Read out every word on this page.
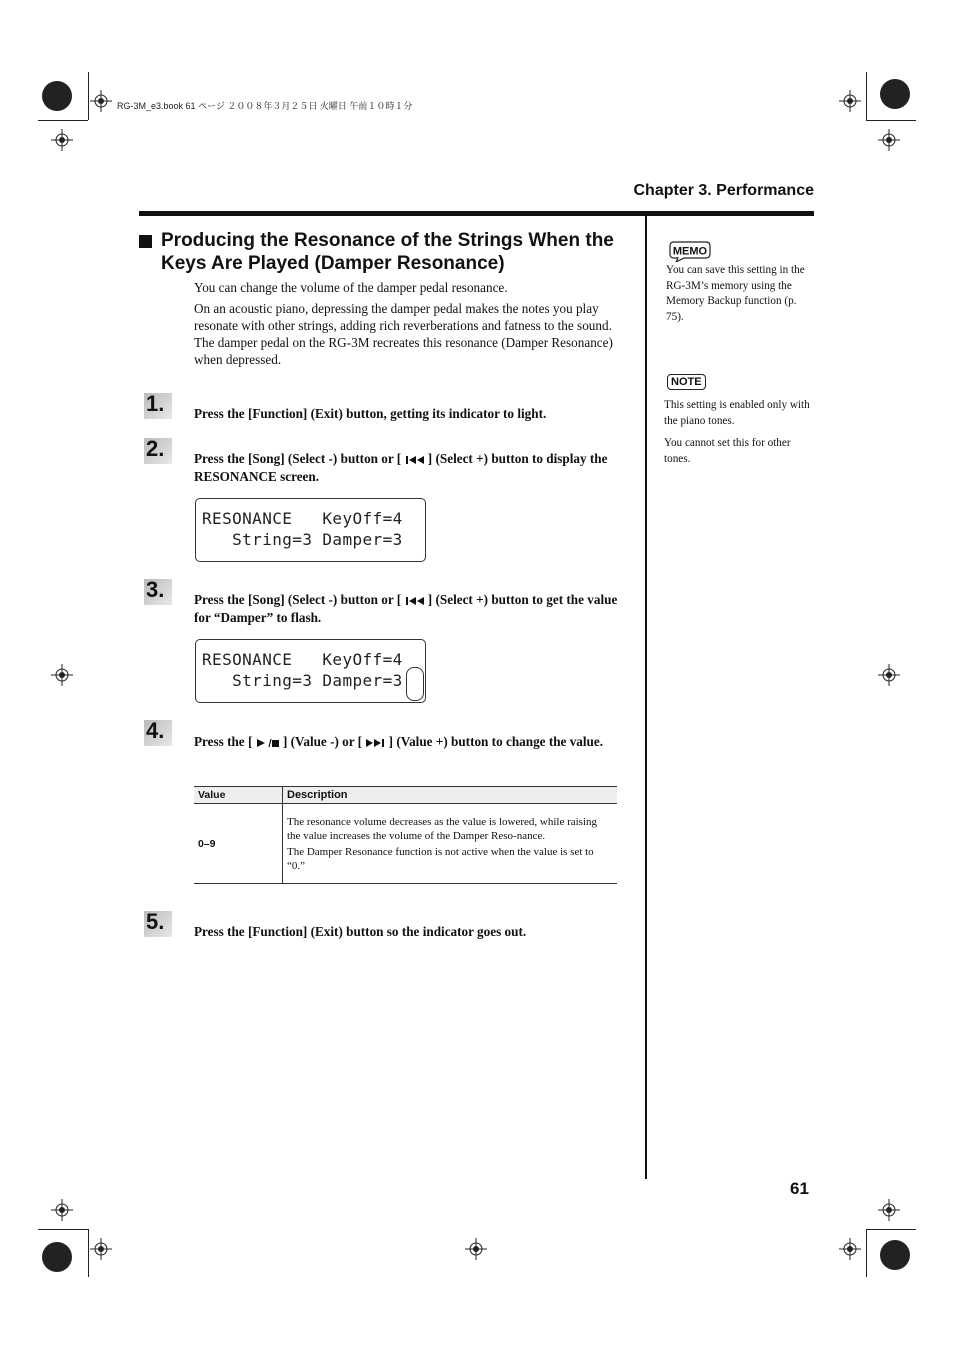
RG-3M_e3.book 61 ページ ２００８年３月２５日 火曜日 午前１０時１分
Chapter 3. Performance
Producing the Resonance of the Strings When the Keys Are Played (Damper Resonance)
You can change the volume of the damper pedal resonance.
On an acoustic piano, depressing the damper pedal makes the notes you play resonate with other strings, adding rich reverberations and fatness to the sound. The damper pedal on the RG-3M recreates this resonance (Damper Resonance) when depressed.
1. Press the [Function] (Exit) button, getting its indicator to light.
2. Press the [Song] (Select -) button or [ ] (Select +) button to display the RESONANCE screen.
RESONANCE   KeyOff=4
String=3 Damper=3
3. Press the [Song] (Select -) button or [ ] (Select +) button to get the value for “Damper” to flash.
RESONANCE   KeyOff=4
String=3 Damper=3
4. Press the [ ] (Value -) or [ ] (Value +) button to change the value.
Value	Description
0–9	The resonance volume decreases as the value is lowered, while raising the value increases the volume of the Damper Reso-nance.

The Damper Resonance function is not active when the value is set to “0.”

5. Press the [Function] (Exit) button so the indicator goes out.
MEMO
You can save this setting in the RG-3M’s memory using the Memory Backup function (p. 75).
NOTE
This setting is enabled only with the piano tones.
You cannot set this for other tones.
61
